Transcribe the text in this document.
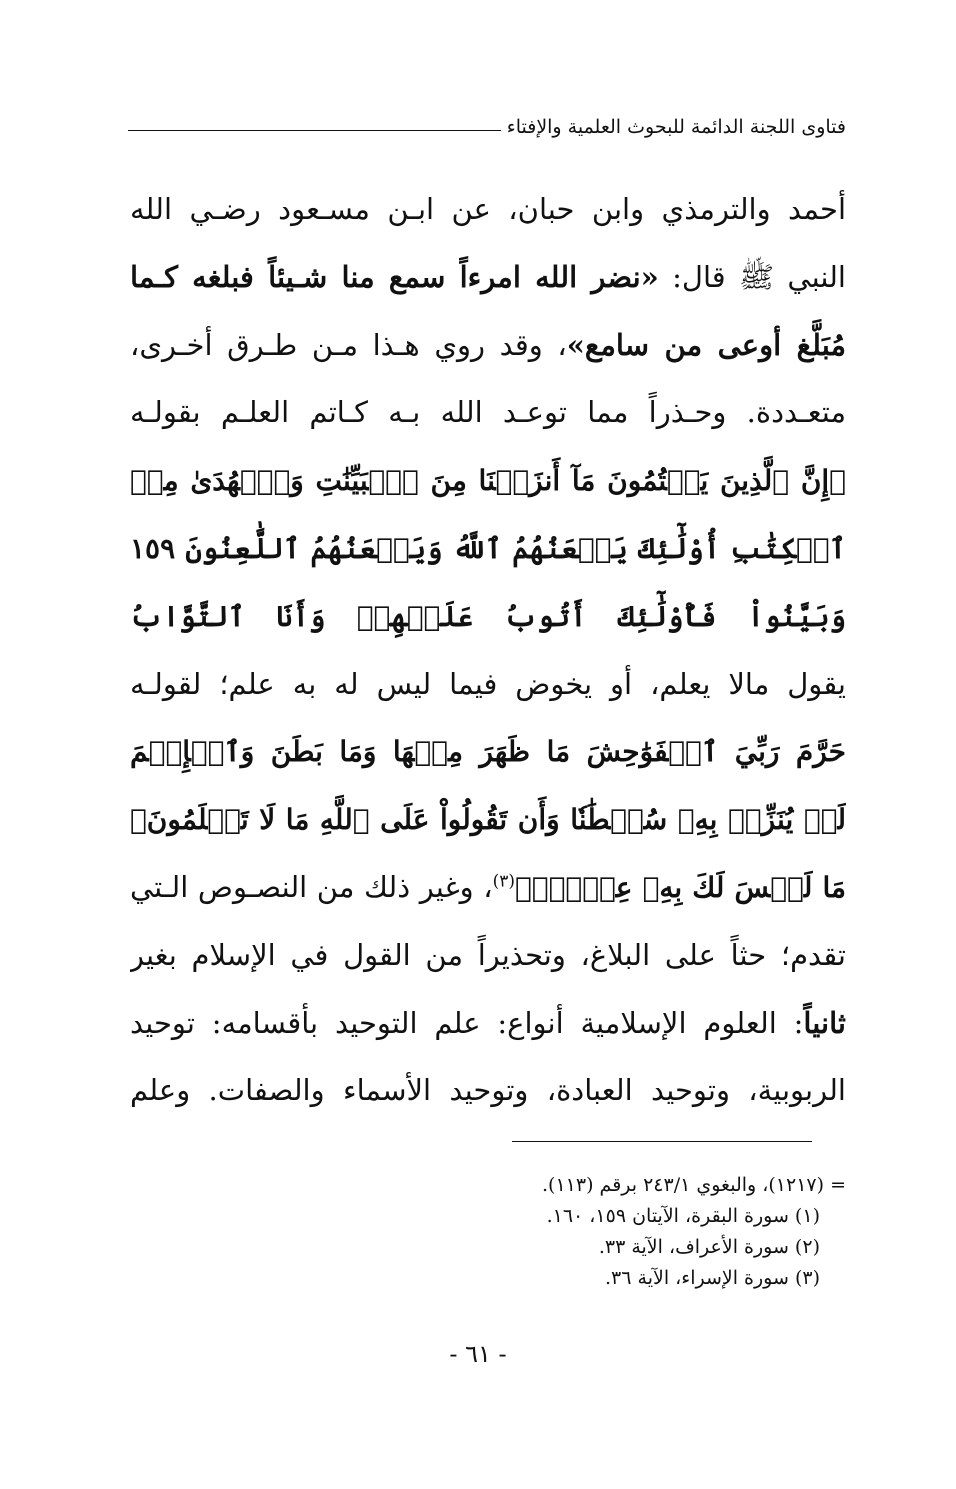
فتاوى اللجنة الدائمة للبحوث العلمية والإفتاء
أحمد والترمذي وابن حبان، عن ابـن مسـعود رضـي الله
النبي ﷺ قال: «نضر الله امرءاً سمع منا شـيئاً فبلغه كـما
مُبَلَّغ أوعى من سامع»، وقد روي هـذا مـن طـرق أخـرى،
متعـددة. وحـذراً مما توعـد الله بـه كـاتم العلـم بقولـه
﴿إِنَّ ٱلَّذِينَ يَكۡتُمُونَ مَآ أَنزَلۡنَا مِنَ ٱلۡبَيِّنَٰتِ وَٱلۡهُدَىٰ مِنۢ
ٱلۡكِتَٰبِ أُوْلَٰٓئِكَ يَلۡعَنُهُمُ ٱللَّهُ وَيَلۡعَنُهُمُ ٱللَّٰعِنُونَ ١٥٩
وَبَيَّنُواْ فَأُوْلَٰٓئِكَ أَتُوبُ عَلَيۡهِمۡ وَأَنَا ٱلتَّوَّابُ
يقول مالا يعلم، أو يخوض فيما ليس له به علم؛ لقولـه
حَرَّمَ رَبِّيَ ٱلۡفَوَٰحِشَ مَا ظَهَرَ مِنۡهَا وَمَا بَطَنَ وَٱلۡإِثۡمَ
لَمۡ يُنَزِّلۡ بِهِۦ سُلۡطَٰنٗا وَأَن تَقُولُواْ عَلَى ٱللَّهِ مَا لَا تَعۡلَمُونَ﴾
مَا لَيۡسَ لَكَ بِهِۦ عِلۡمٌۚ﴾$^{(٣)}$، وغير ذلك من النصـوص الـتي
تقدم؛ حثاً على البلاغ، وتحذيراً من القول في الإسلام بغير
ثانياً: العلوم الإسلامية أنواع: علم التوحيد بأقسامه: توحيد
الربوبية، وتوحيد العبادة، وتوحيد الأسماء والصفات. وعلم
= (١٢١٧)، والبغوي ٢٤٣/١ برقم (١١٣).
(١) سورة البقرة، الآيتان ١٥٩، ١٦٠.
(٢) سورة الأعراف، الآية ٣٣.
(٣) سورة الإسراء، الآية ٣٦.
- ٦١ -
